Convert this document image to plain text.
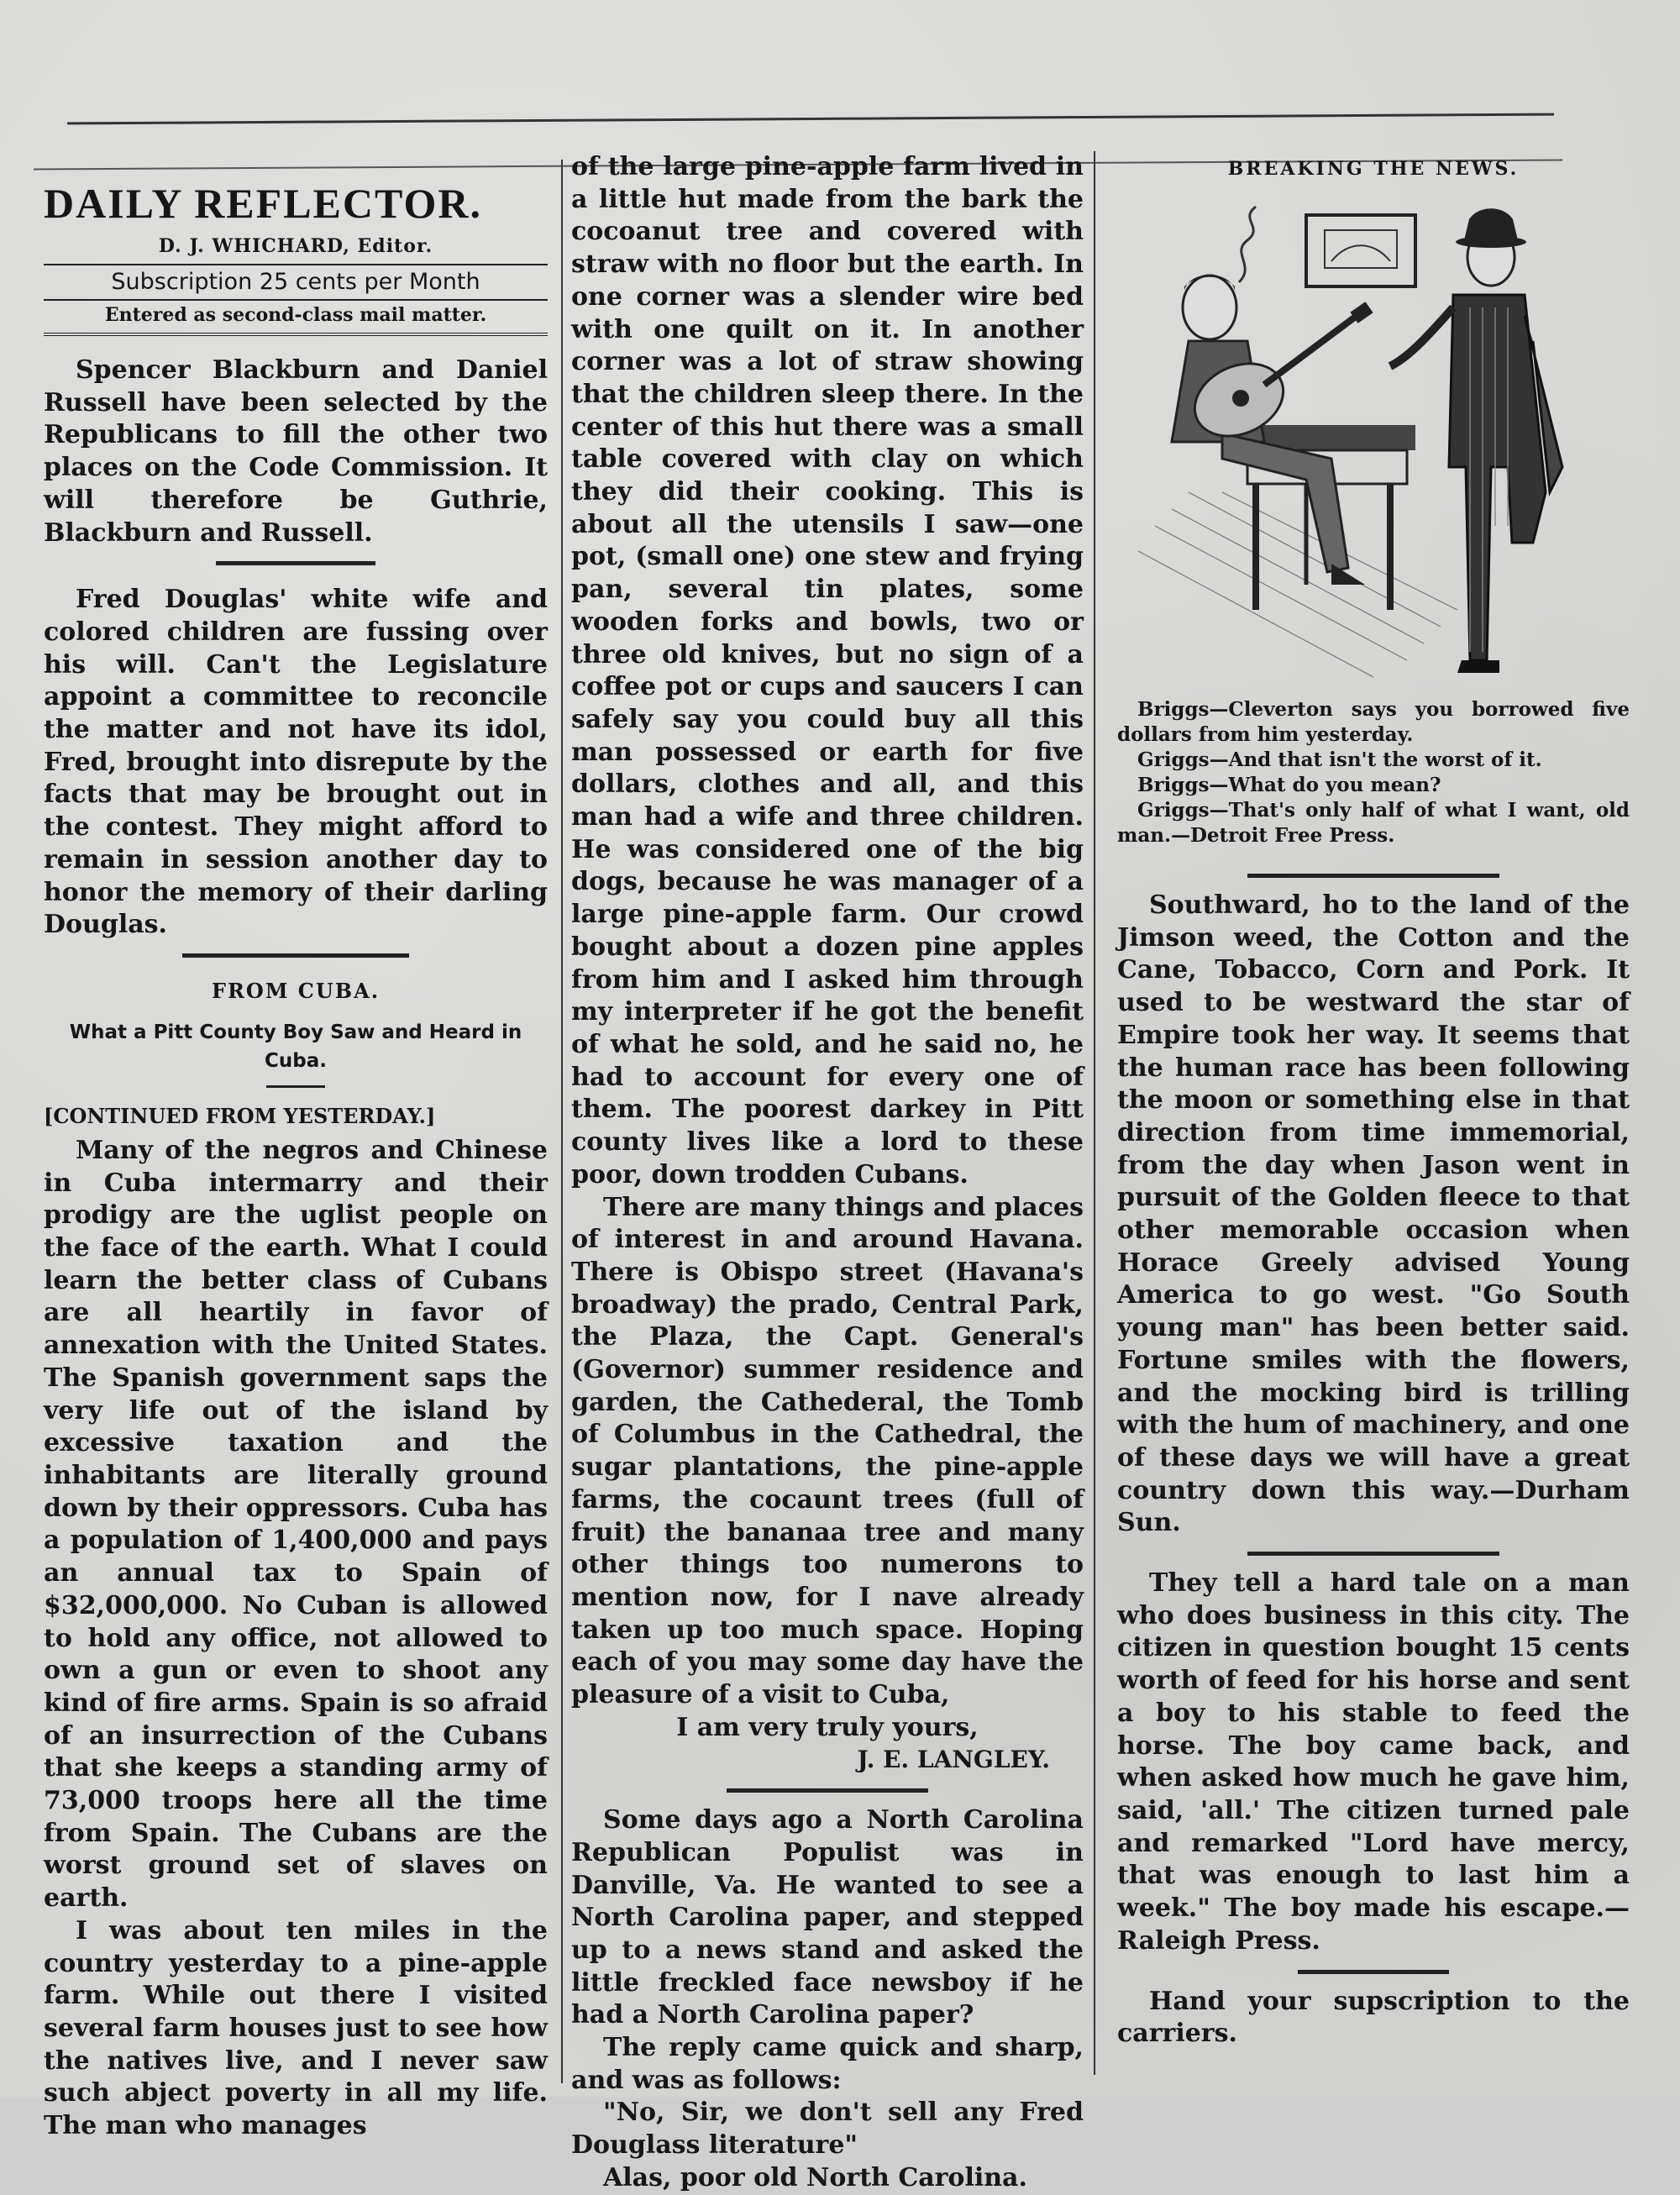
DAILY REFLECTOR.
D. J. WHICHARD, Editor.
Subscription 25 cents per Month
Entered as second-class mail matter.

Spencer Blackburn and Daniel Russell have been selected by the Republicans to fill the other two places on the Code Commission. It will therefore be Guthrie, Blackburn and Russell.

Fred Douglas' white wife and colored children are fussing over his will. Can't the Legislature appoint a committee to reconcile the matter and not have its idol, Fred, brought into disrepute by the facts that may be brought out in the contest. They might afford to remain in session another day to honor the memory of their darling Douglas.

FROM CUBA.
What a Pitt County Boy Saw and Heard in Cuba.

[CONTINUED FROM YESTERDAY.]

Many of the negros and Chinese in Cuba intermarry and their prodigy are the uglist people on the face of the earth. What I could learn the better class of Cubans are all heartily in favor of annexation with the United States. The Spanish government saps the very life out of the island by excessive taxation and the inhabitants are literally ground down by their oppressors. Cuba has a population of 1,400,000 and pays an annual tax to Spain of $32,000,000. No Cuban is allowed to hold any office, not allowed to own a gun or even to shoot any kind of fire arms. Spain is so afraid of an insurrection of the Cubans that she keeps a standing army of 73,000 troops here all the time from Spain. The Cubans are the worst ground set of slaves on earth.

I was about ten miles in the country yesterday to a pine-apple farm. While out there I visited several farm houses just to see how the natives live, and I never saw such abject poverty in all my life. The man who manages

of the large pine-apple farm lived in a little hut made from the bark the cocoanut tree and covered with straw with no floor but the earth. In one corner was a slender wire bed with one quilt on it. In another corner was a lot of straw showing that the children sleep there. In the center of this hut there was a small table covered with clay on which they did their cooking. This is about all the utensils I saw—one pot, (small one) one stew and frying pan, several tin plates, some wooden forks and bowls, two or three old knives, but no sign of a coffee pot or cups and saucers I can safely say you could buy all this man possessed or earth for five dollars, clothes and all, and this man had a wife and three children. He was considered one of the big dogs, because he was manager of a large pine-apple farm. Our crowd bought about a dozen pine apples from him and I asked him through my interpreter if he got the benefit of what he sold, and he said no, he had to account for every one of them. The poorest darkey in Pitt county lives like a lord to these poor, down trodden Cubans.

There are many things and places of interest in and around Havana. There is Obispo street (Havana's broadway) the prado, Central Park, the Plaza, the Capt. General's (Governor) summer residence and garden, the Cathederal, the Tomb of Columbus in the Cathedral, the sugar plantations, the pine-apple farms, the cocaunt trees (full of fruit) the bananaa tree and many other things too numerons to mention now, for I nave already taken up too much space. Hoping each of you may some day have the pleasure of a visit to Cuba,

I am very truly yours,

J. E. LANGLEY.

Some days ago a North Carolina Republican Populist was in Danville, Va. He wanted to see a North Carolina paper, and stepped up to a news stand and asked the little freckled face newsboy if he had a North Carolina paper?

The reply came quick and sharp, and was as follows:

"No, Sir, we don't sell any Fred Douglass literature"

Alas, poor old North Carolina.

BREAKING THE NEWS.
Briggs—Cleverton says you borrowed five dollars from him yesterday.
Griggs—And that isn't the worst of it.
Briggs—What do you mean?
Griggs—That's only half of what I want, old man.—Detroit Free Press.

Southward, ho to the land of the Jimson weed, the Cotton and the Cane, Tobacco, Corn and Pork. It used to be westward the star of Empire took her way. It seems that the human race has been following the moon or something else in that direction from time immemorial, from the day when Jason went in pursuit of the Golden fleece to that other memorable occasion when Horace Greely advised Young America to go west. "Go South young man" has been better said. Fortune smiles with the flowers, and the mocking bird is trilling with the hum of machinery, and one of these days we will have a great country down this way.—Durham Sun.

They tell a hard tale on a man who does business in this city. The citizen in question bought 15 cents worth of feed for his horse and sent a boy to his stable to feed the horse. The boy came back, and when asked how much he gave him, said, 'all.' The citizen turned pale and remarked "Lord have mercy, that was enough to last him a week." The boy made his escape.—Raleigh Press.

Hand your supscription to the carriers.
